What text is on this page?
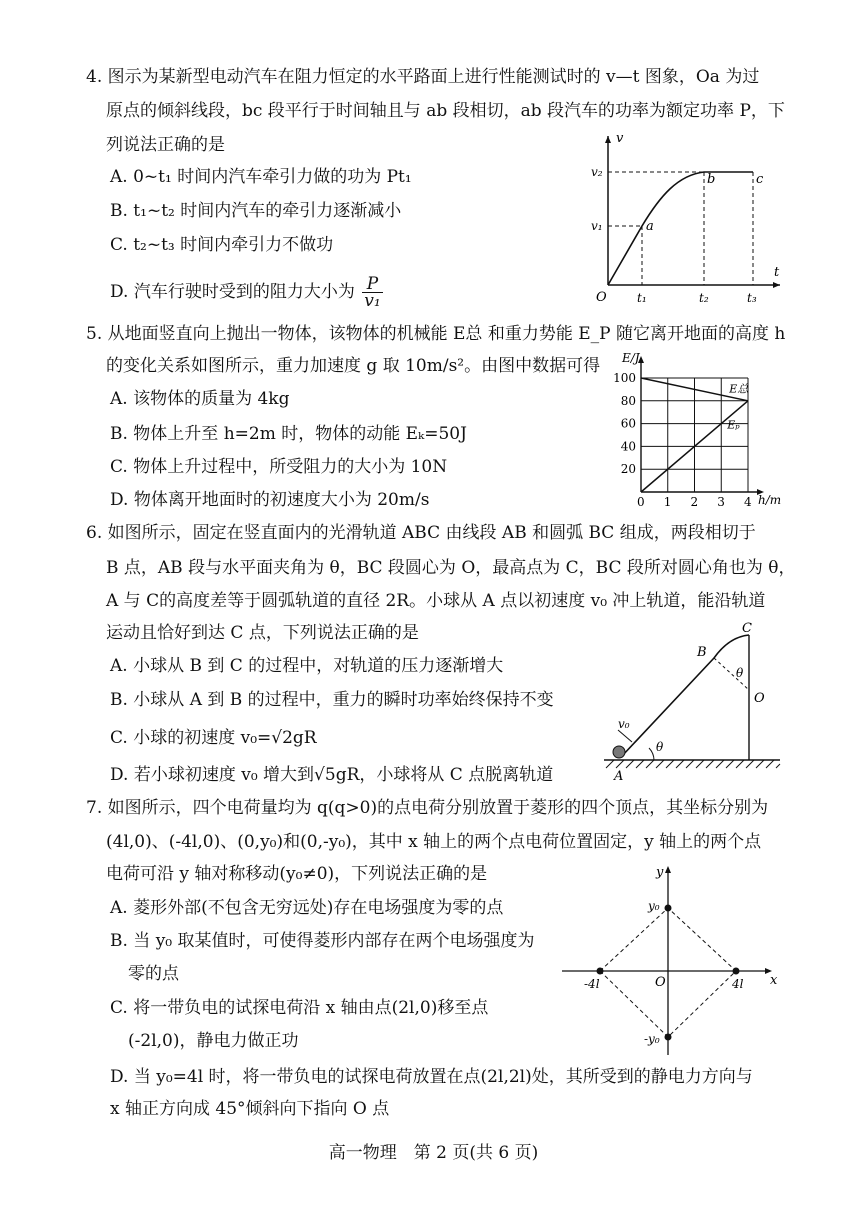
4. 图示为某新型电动汽车在阻力恒定的水平路面上进行性能测试时的 v—t 图象，Oa 为过
原点的倾斜线段，bc 段平行于时间轴且与 ab 段相切，ab 段汽车的功率为额定功率 P，下
列说法正确的是
A. 0~t₁ 时间内汽车牵引力做的功为 Pt₁
B. t₁~t₂ 时间内汽车的牵引力逐渐减小
C. t₂~t₃ 时间内牵引力不做功
D. 汽车行驶时受到的阻力大小为 $\frac{P}{\text{v₁}}$
v
t
O
v₁
v₂
a
b	c
t₁	t₂	t₃
5. 从地面竖直向上抛出一物体，该物体的机械能 E总 和重力势能 E_P 随它离开地面的高度 h
的变化关系如图所示，重力加速度 g 取 10m/s²。由图中数据可得
A. 该物体的质量为 4kg
B. 物体上升至 h=2m 时，物体的动能 Eₖ=50J
C. 物体上升过程中，所受阻力的大小为 10N
D. 物体离开地面时的初速度大小为 20m/s
E总
Eₚ
0 1 2 3 4
20
40
60
80
100
E/J
h/m
6. 如图所示，固定在竖直面内的光滑轨道 ABC 由线段 AB 和圆弧 BC 组成，两段相切于
B 点，AB 段与水平面夹角为 θ，BC 段圆心为 O，最高点为 C，BC 段所对圆心角也为 θ，
A 与 C的高度差等于圆弧轨道的直径 2R。小球从 A 点以初速度 v₀ 冲上轨道，能沿轨道
运动且恰好到达 C 点，下列说法正确的是
A. 小球从 B 到 C 的过程中，对轨道的压力逐渐增大
B. 小球从 A 到 B 的过程中，重力的瞬时功率始终保持不变
C. 小球的初速度 v₀=√2gR
D. 若小球初速度 v₀ 增大到√5gR，小球将从 C 点脱离轨道
C
B
O
θ
θ
v₀
A
7. 如图所示，四个电荷量均为 q(q>0)的点电荷分别放置于菱形的四个顶点，其坐标分别为
(4l,0)、(-4l,0)、(0,y₀)和(0,-y₀)，其中 x 轴上的两个点电荷位置固定，y 轴上的两个点
电荷可沿 y 轴对称移动(y₀≠0)，下列说法正确的是
A. 菱形外部(不包含无穷远处)存在电场强度为零的点
B. 当 y₀ 取某值时，可使得菱形内部存在两个电场强度为
零的点
C. 将一带负电的试探电荷沿 x 轴由点(2l,0)移至点
(-2l,0)，静电力做正功
D. 当 y₀=4l 时，将一带负电的试探电荷放置在点(2l,2l)处，其所受到的静电力方向与
x 轴正方向成 45°倾斜向下指向 O 点
y
x
O
y₀
-y₀
-4l	4l
高一物理　第 2 页(共 6 页)
